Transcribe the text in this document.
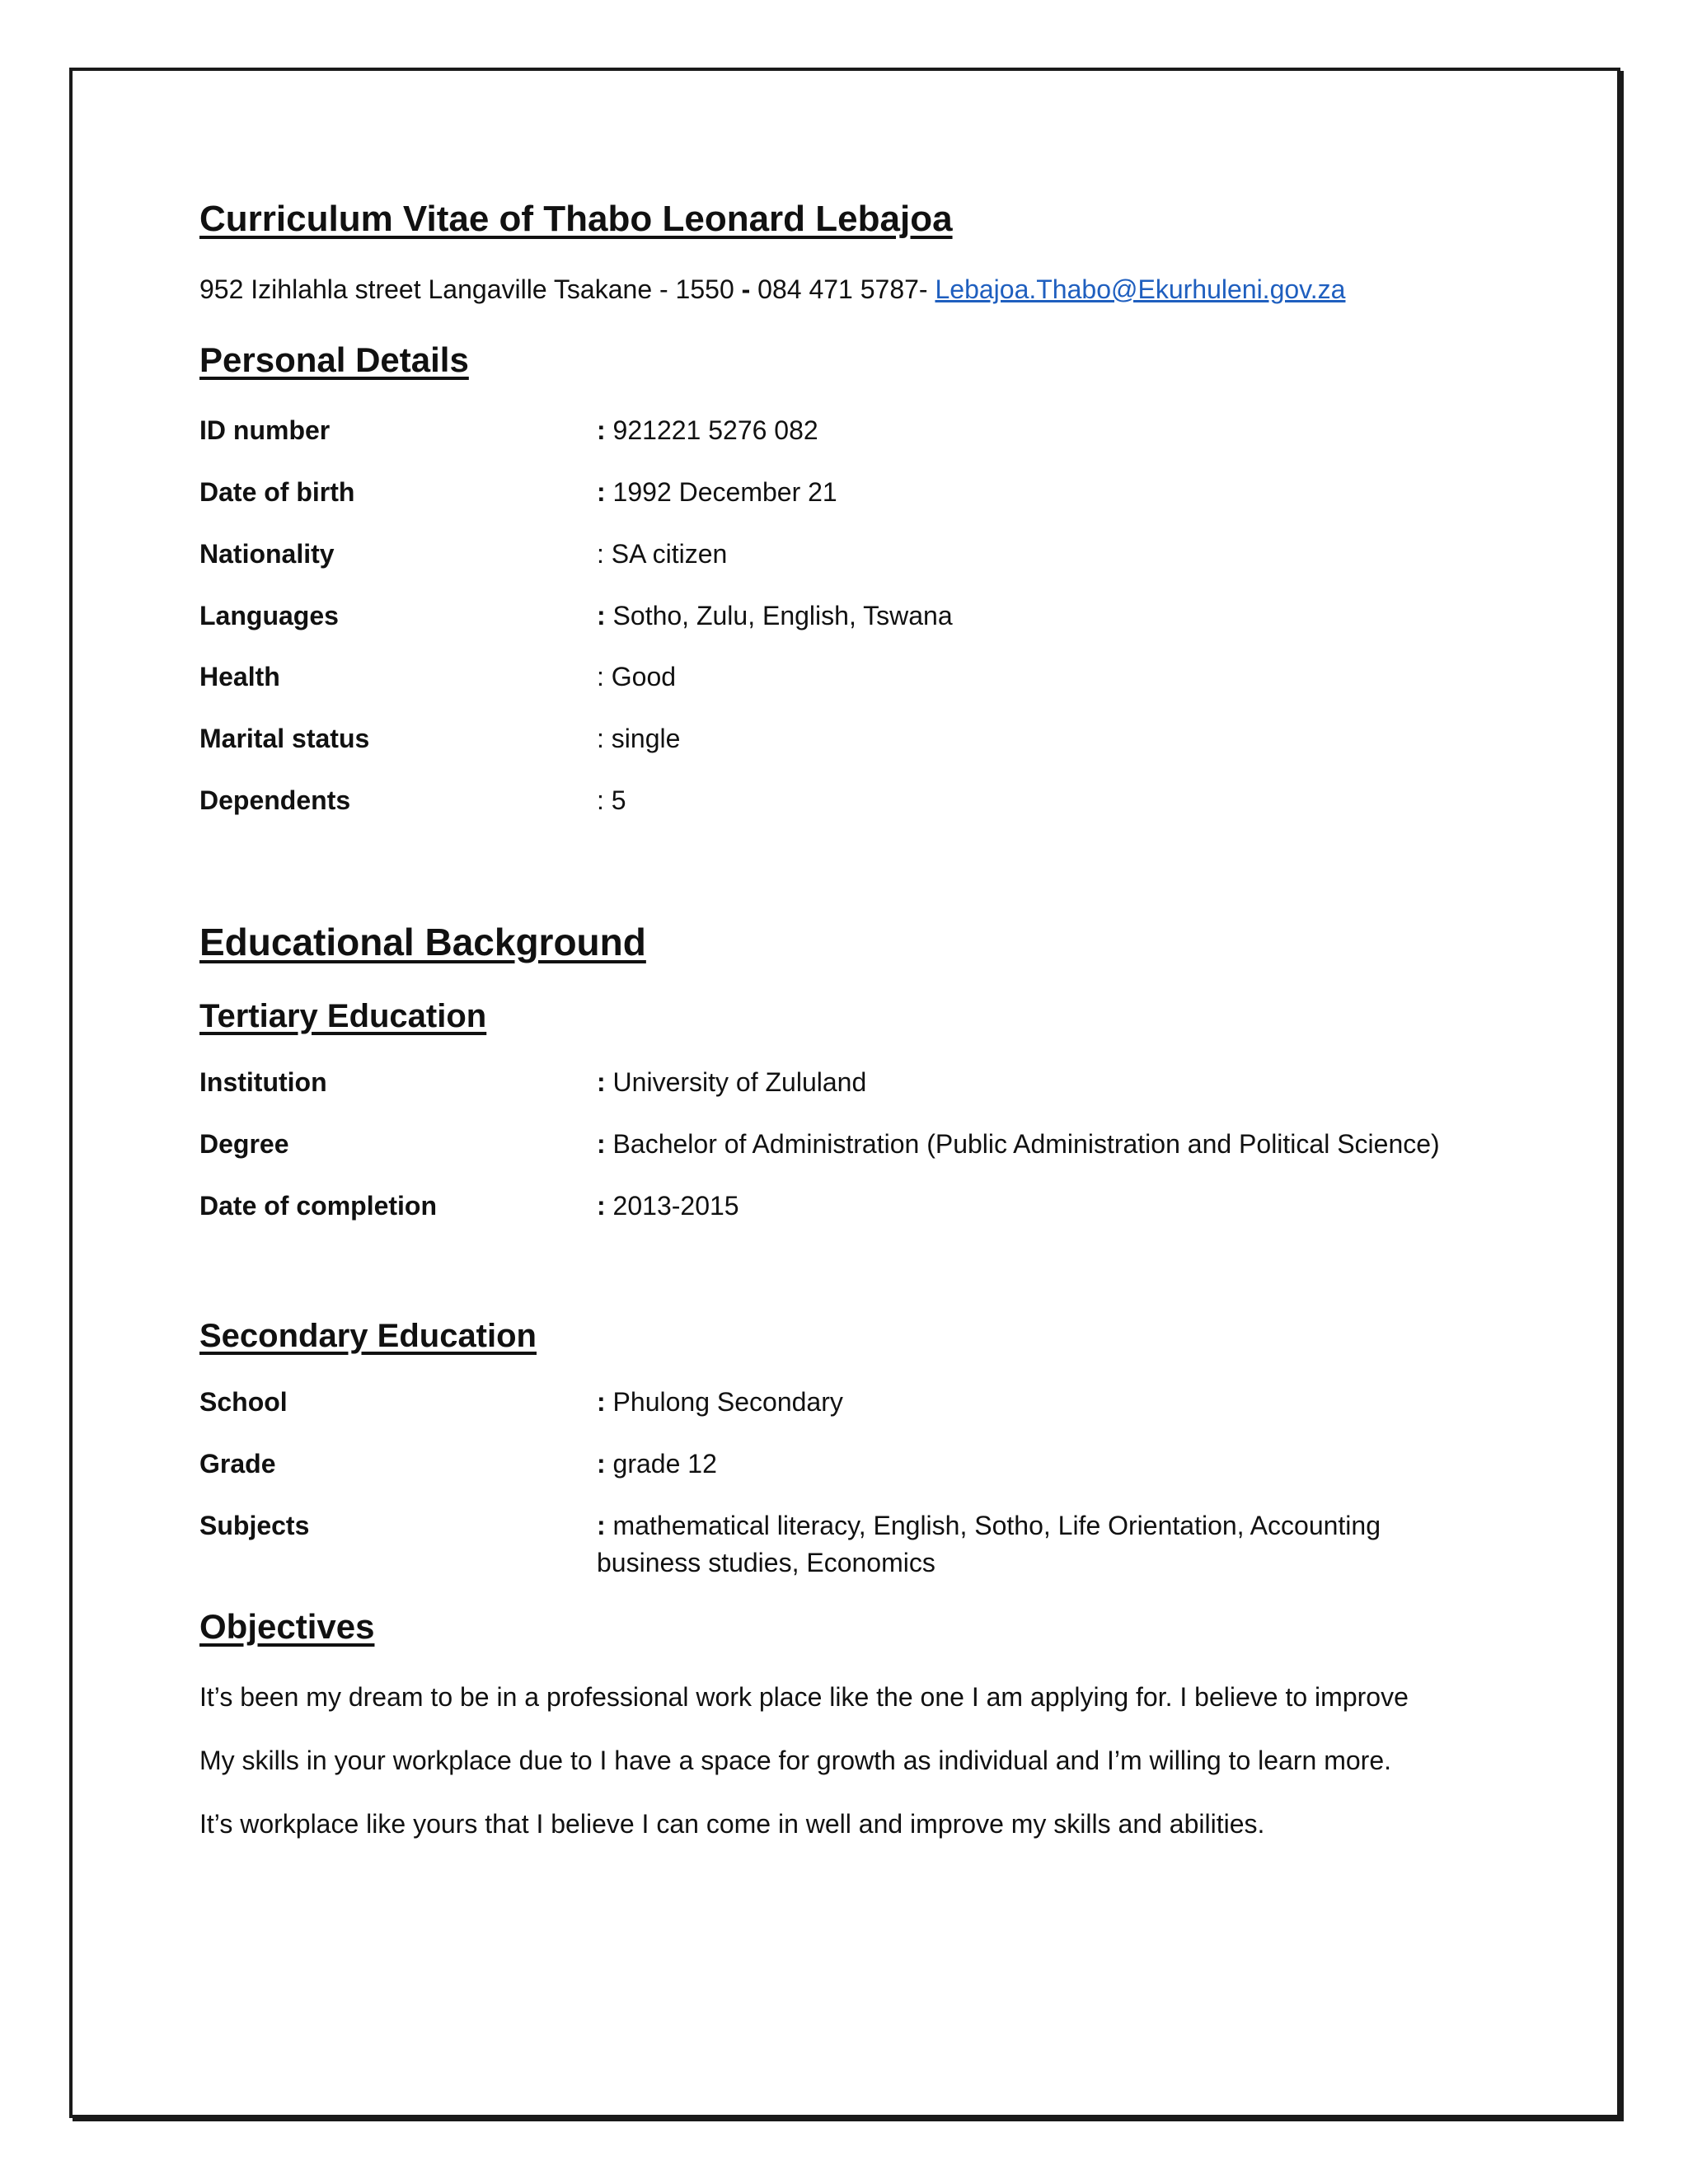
Curriculum Vitae of Thabo Leonard Lebajoa

952 Izihlahla street Langaville Tsakane - 1550 - 084 471 5787- Lebajoa.Thabo@Ekurhuleni.gov.za

Personal Details
ID number	: 921221 5276 082
Date of birth	: 1992 December 21
Nationality	: SA citizen
Languages	: Sotho, Zulu, English, Tswana
Health	: Good
Marital status	: single
Dependents	: 5
Educational Background
Tertiary Education
Institution	: University of Zululand
Degree	: Bachelor of Administration (Public Administration and Political Science)
Date of completion	: 2013-2015
Secondary Education
School	: Phulong Secondary
Grade	: grade 12
Subjects	: mathematical literacy, English, Sotho, Life Orientation, Accounting
business studies, Economics
Objectives

It’s been my dream to be in a professional work place like the one I am applying for. I believe to improve

My skills in your workplace due to I have a space for growth as individual and I’m willing to learn more.

It’s workplace like yours that I believe I can come in well and improve my skills and abilities.
